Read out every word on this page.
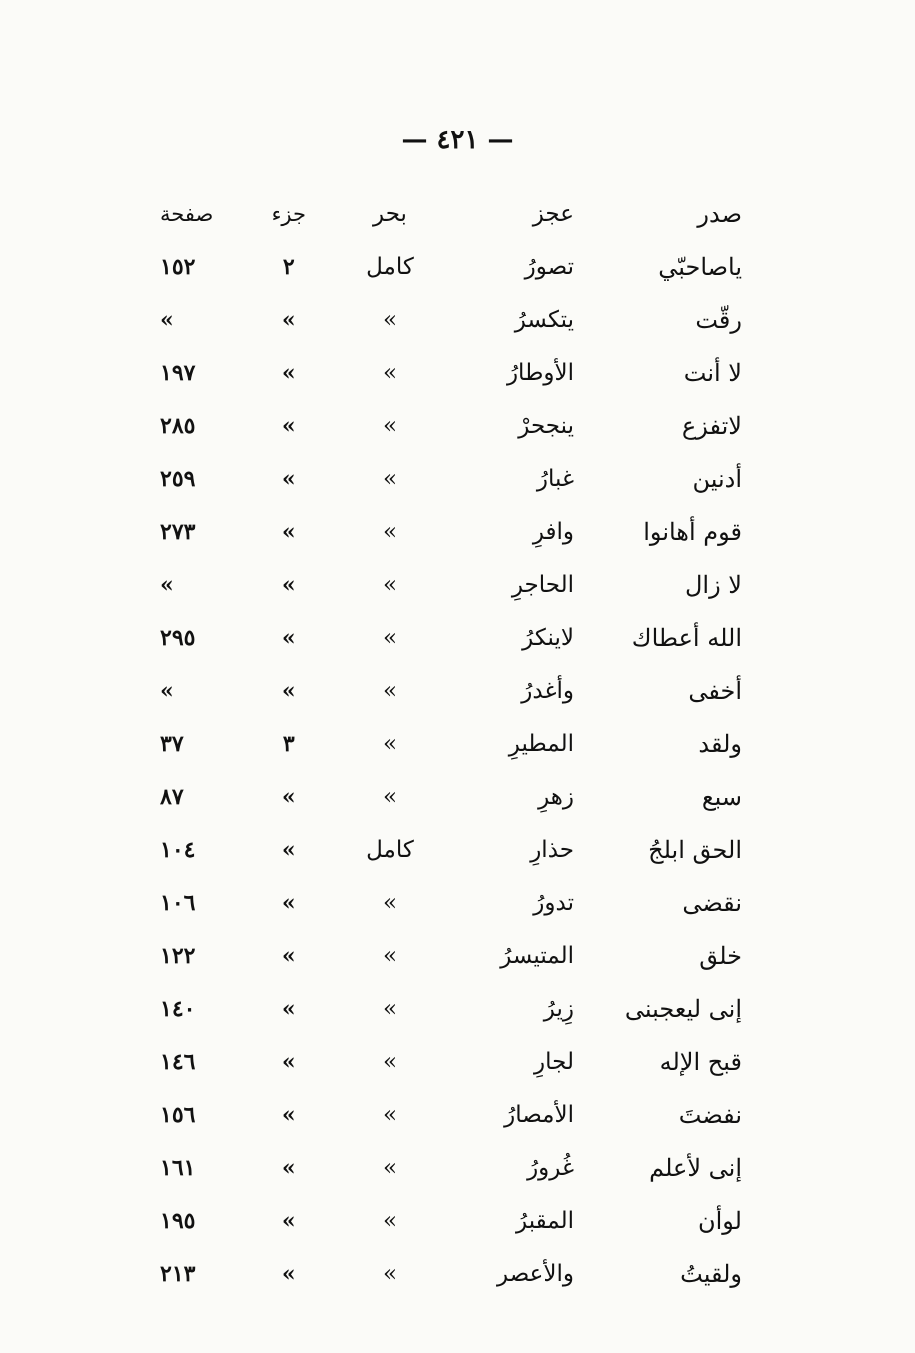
— ٤٢١ —
صدر
عجز
بحر
جزء
صفحة
ياصاحبّي
تصورُ
كامل
٢
١٥٢
رقّت
يتكسرُ
»
»
»
لا أنت
الأوطارُ
»
»
١٩٧
لاتفزع
ينجحرْ
»
»
٢٨٥
أدنين
غبارُ
»
»
٢٥٩
قوم أهانوا
وافرِ
»
»
٢٧٣
لا زال
الحاجرِ
»
»
»
الله أعطاك
لاينكرُ
»
»
٢٩٥
أخفى
وأغدرُ
»
»
»
ولقد
المطيرِ
»
٣
٣٧
سبع
زهرِ
»
»
٨٧
الحق ابلجُ
حذارِ
كامل
»
١٠٤
نقضى
تدورُ
»
»
١٠٦
خلق
المتيسرُ
»
»
١٢٢
إنى ليعجبنى
زِيرُ
»
»
١٤٠
قبح الإله
لجارِ
»
»
١٤٦
نفضتَ
الأمصارُ
»
»
١٥٦
إنى لأعلم
غُرورُ
»
»
١٦١
لوأن
المقبرُ
»
»
١٩٥
ولقيتُ
والأعصر
»
»
٢١٣
